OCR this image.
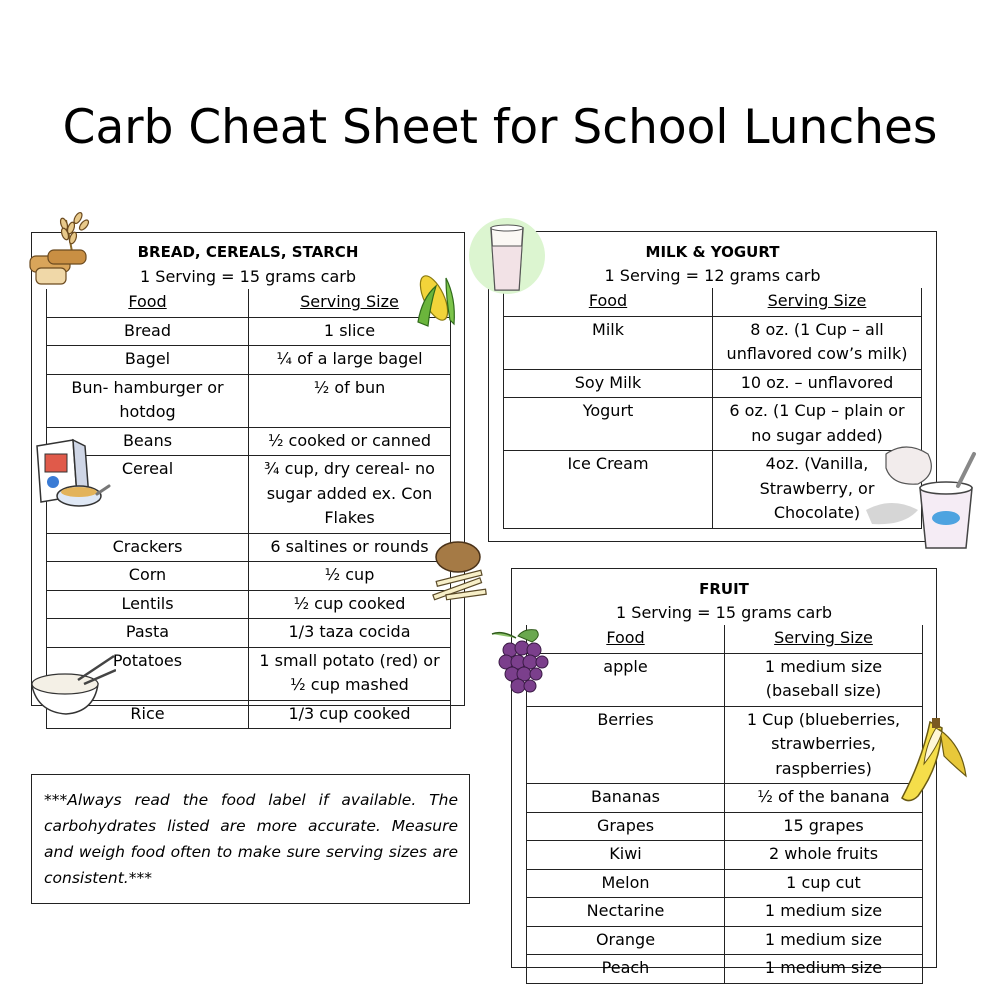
Carb Cheat Sheet for School Lunches
BREAD, CEREALS, STARCH
1 Serving = 15 grams carb
Food	Serving Size
Bread	1 slice
Bagel	¼ of a large bagel
Bun- hamburger or hotdog	½ of bun
Beans	½ cooked or canned
Cereal	¾ cup, dry cereal- no sugar added ex. Con Flakes
Crackers	6 saltines or rounds
Corn	½ cup
Lentils	½ cup cooked
Pasta	1/3 taza cocida
Potatoes	1 small potato (red) or ½ cup mashed
Rice	1/3 cup cooked
MILK & YOGURT
1 Serving = 12 grams carb
Food	Serving Size
Milk	8 oz. (1 Cup – all unflavored cow’s milk)
Soy Milk	10 oz. – unflavored
Yogurt	6 oz. (1 Cup – plain or no sugar added)
Ice Cream	4oz. (Vanilla, Strawberry, or Chocolate)
FRUIT
1 Serving = 15 grams carb
Food	Serving Size
apple	1 medium size (baseball size)
Berries	1 Cup (blueberries, strawberries, raspberries)
Bananas	½ of the banana
Grapes	15 grapes
Kiwi	2 whole fruits
Melon	1 cup cut
Nectarine	1 medium size
Orange	1 medium size
Peach	1 medium size

***Always read the food label if available. The carbohydrates listed are more accurate. Measure and weigh food often to make sure serving sizes are consistent.***
